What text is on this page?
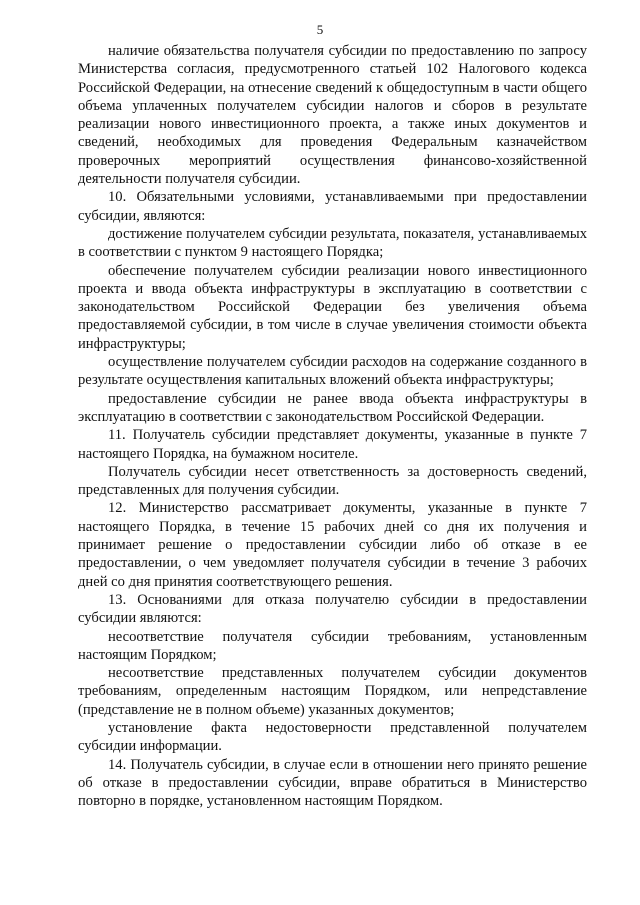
5

наличие обязательства получателя субсидии по предоставлению по запросу Министерства согласия, предусмотренного статьей 102 Налогового кодекса Российской Федерации, на отнесение сведений к общедоступным в части общего объема уплаченных получателем субсидии налогов и сборов в результате реализации нового инвестиционного проекта, а также иных документов и сведений, необходимых для проведения Федеральным казначейством проверочных мероприятий осуществления финансово-хозяйственной деятельности получателя субсидии.

10. Обязательными условиями, устанавливаемыми при предоставлении субсидии, являются:

достижение получателем субсидии результата, показателя, устанавливаемых в соответствии с пунктом 9 настоящего Порядка;

обеспечение получателем субсидии реализации нового инвестиционного проекта и ввода объекта инфраструктуры в эксплуатацию в соответствии с законодательством Российской Федерации без увеличения объема предоставляемой субсидии, в том числе в случае увеличения стоимости объекта инфраструктуры;

осуществление получателем субсидии расходов на содержание созданного в результате осуществления капитальных вложений объекта инфраструктуры;

предоставление субсидии не ранее ввода объекта инфраструктуры в эксплуатацию в соответствии с законодательством Российской Федерации.

11. Получатель субсидии представляет документы, указанные в пункте 7 настоящего Порядка, на бумажном носителе.

Получатель субсидии несет ответственность за достоверность сведений, представленных для получения субсидии.

12. Министерство рассматривает документы, указанные в пункте 7 настоящего Порядка, в течение 15 рабочих дней со дня их получения и принимает решение о предоставлении субсидии либо об отказе в ее предоставлении, о чем уведомляет получателя субсидии в течение 3 рабочих дней со дня принятия соответствующего решения.

13. Основаниями для отказа получателю субсидии в предоставлении субсидии являются:

несоответствие получателя субсидии требованиям, установленным настоящим Порядком;

несоответствие представленных получателем субсидии документов требованиям, определенным настоящим Порядком, или непредставление (представление не в полном объеме) указанных документов;

установление факта недостоверности представленной получателем субсидии информации.

14. Получатель субсидии, в случае если в отношении него принято решение об отказе в предоставлении субсидии, вправе обратиться в Министерство повторно в порядке, установленном настоящим Порядком.
